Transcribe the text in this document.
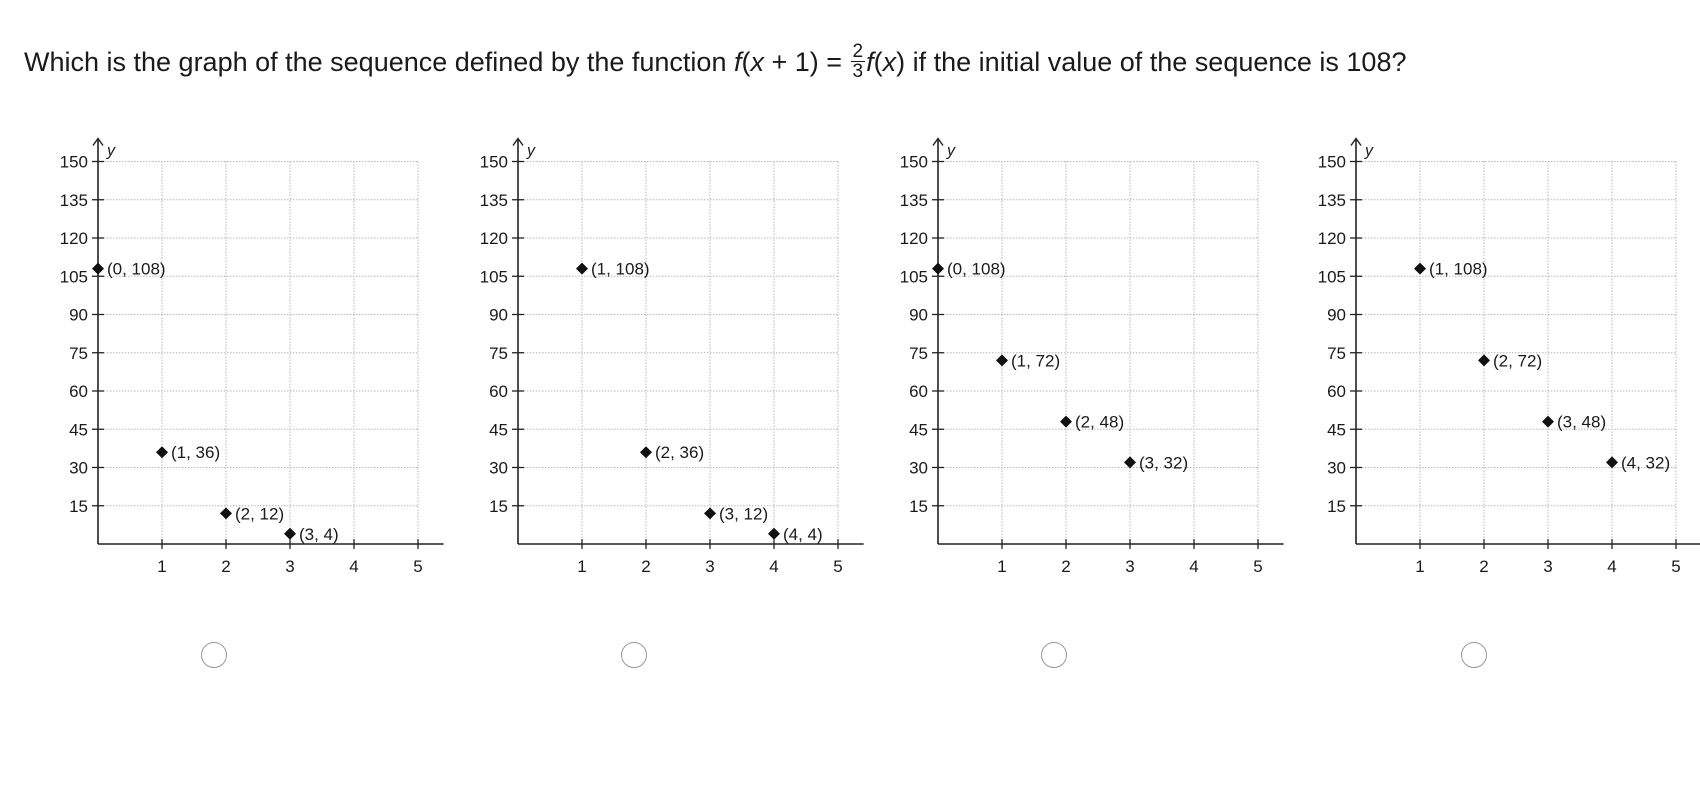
Which is the graph of the sequence defined by the function $f(x + 1) = \frac{2}{3} f(x)$ if the initial value of the sequence is 108?
y
15
30
45
60
75
90
105
120
135
150
1	2	3	4	5
(0, 108)
(1, 36)
(2, 12)
(3, 4)
y
15
30
45
60
75
90
105
120
135
150
1	2	3	4	5
(1, 108)
(2, 36)
(3, 12)
(4, 4)
y
15
30
45
60
75
90
105
120
135
150
1	2	3	4	5
(0, 108)
(1, 72)
(2, 48)
(3, 32)
y
15
30
45
60
75
90
105
120
135
150
1	2	3	4	5
(1, 108)
(2, 72)
(3, 48)
(4, 32)
